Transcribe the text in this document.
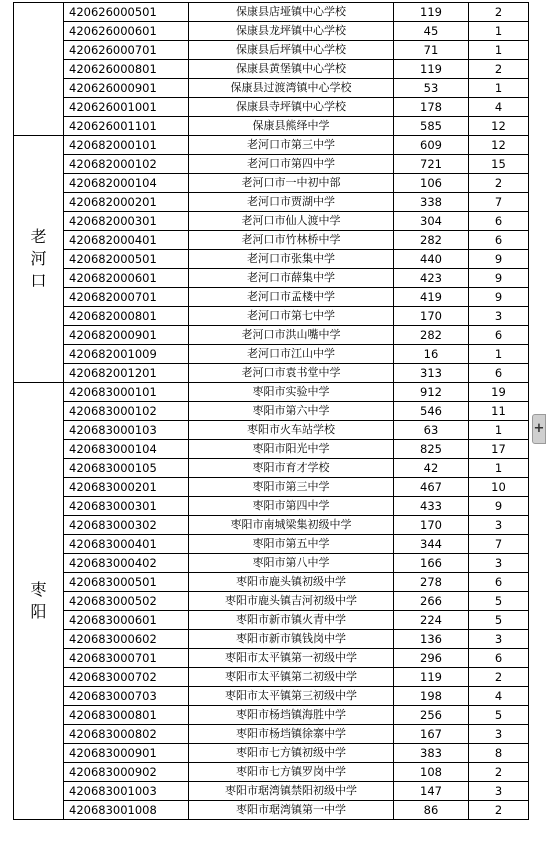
	420626000501	保康县店垭镇中心学校	119	2
	420626000601	保康县龙坪镇中心学校	45	1
	420626000701	保康县后坪镇中心学校	71	1
	420626000801	保康县黄堡镇中心学校	119	2
	420626000901	保康县过渡湾镇中心学校	53	1
	420626001001	保康县寺坪镇中心学校	178	4
	420626001101	保康县熊绎中学	585	12
老河口	420682000101	老河口市第三中学	609	12
	420682000102	老河口市第四中学	721	15
	420682000104	老河口市一中初中部	106	2
	420682000201	老河口市贾湖中学	338	7
	420682000301	老河口市仙人渡中学	304	6
	420682000401	老河口市竹林桥中学	282	6
	420682000501	老河口市张集中学	440	9
	420682000601	老河口市薛集中学	423	9
	420682000701	老河口市孟楼中学	419	9
	420682000801	老河口市第七中学	170	3
	420682000901	老河口市洪山嘴中学	282	6
	420682001009	老河口市江山中学	16	1
	420682001201	老河口市袁书堂中学	313	6
枣阳	420683000101	枣阳市实验中学	912	19
	420683000102	枣阳市第六中学	546	11
	420683000103	枣阳市火车站学校	63	1
	420683000104	枣阳市阳光中学	825	17
	420683000105	枣阳市育才学校	42	1
	420683000201	枣阳市第三中学	467	10
	420683000301	枣阳市第四中学	433	9
	420683000302	枣阳市南城梁集初级中学	170	3
	420683000401	枣阳市第五中学	344	7
	420683000402	枣阳市第八中学	166	3
	420683000501	枣阳市鹿头镇初级中学	278	6
	420683000502	枣阳市鹿头镇吉河初级中学	266	5
	420683000601	枣阳市新市镇火青中学	224	5
	420683000602	枣阳市新市镇钱岗中学	136	3
	420683000701	枣阳市太平镇第一初级中学	296	6
	420683000702	枣阳市太平镇第二初级中学	119	2
	420683000703	枣阳市太平镇第三初级中学	198	4
	420683000801	枣阳市杨垱镇海胜中学	256	5
	420683000802	枣阳市杨垱镇徐寨中学	167	3
	420683000901	枣阳市七方镇初级中学	383	8
	420683000902	枣阳市七方镇罗岗中学	108	2
	420683001003	枣阳市琚湾镇禁阳初级中学	147	3
	420683001008	枣阳市琚湾镇第一中学	86	2
+
